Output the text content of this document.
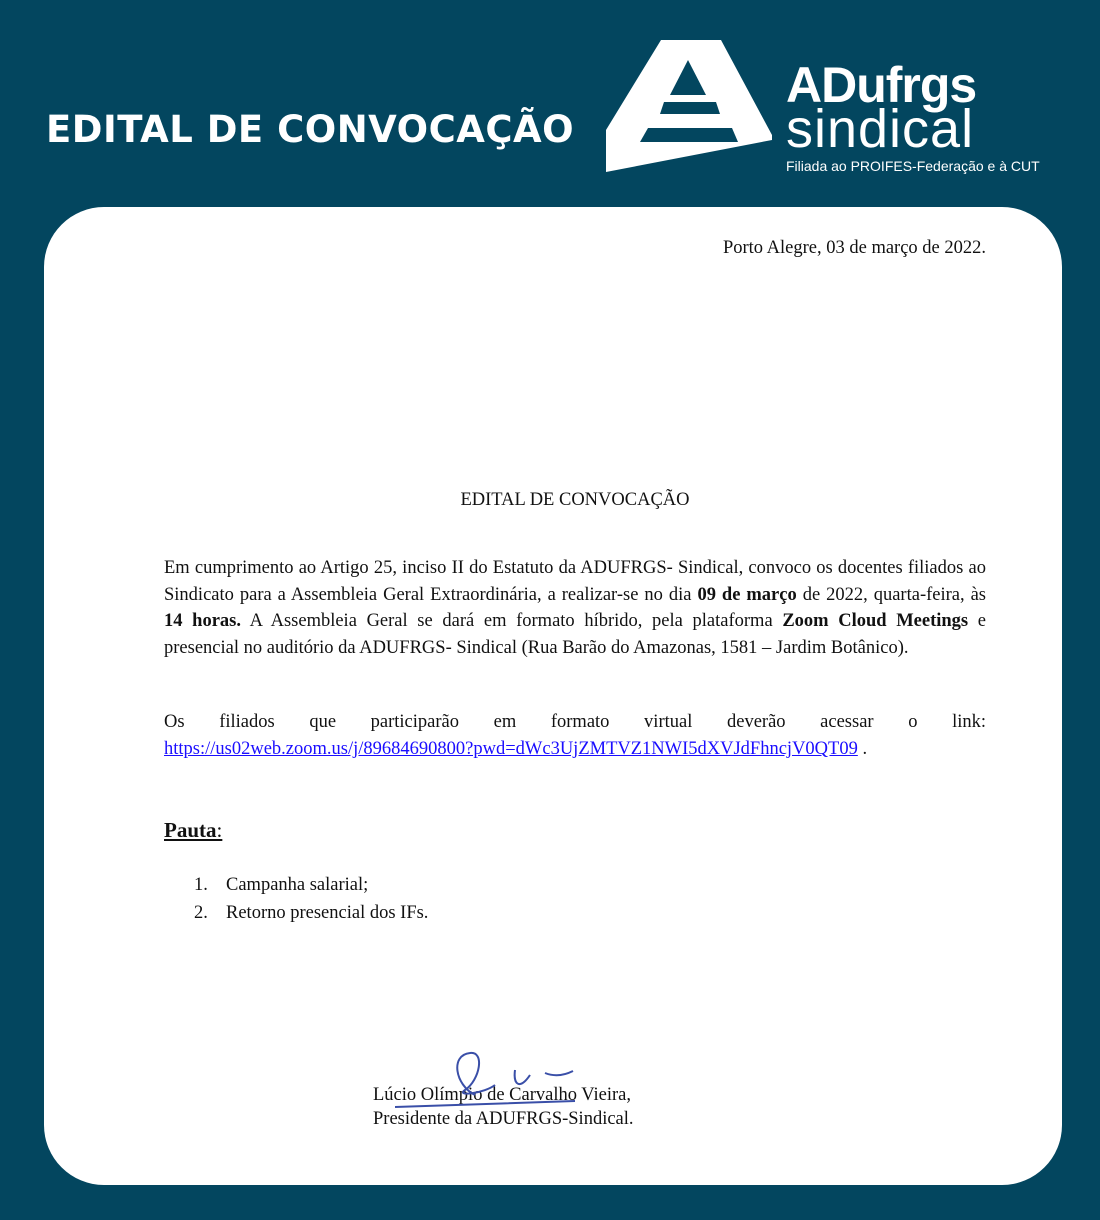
EDITAL DE CONVOCAÇÃO
ADufrgs
sindical
Filiada ao PROIFES-Federação e à CUT
Porto Alegre, 03 de março de 2022.
EDITAL DE CONVOCAÇÃO
Em cumprimento ao Artigo 25, inciso II do Estatuto da ADUFRGS- Sindical, convoco os docentes filiados ao Sindicato para a Assembleia Geral Extraordinária, a realizar-se no dia 09 de março de 2022, quarta-feira, às 14 horas. A Assembleia Geral se dará em formato híbrido, pela plataforma Zoom Cloud Meetings e presencial no auditório da ADUFRGS- Sindical (Rua Barão do Amazonas, 1581 – Jardim Botânico).
Os filiados que participarão em formato virtual deverão acessar o link:
https://us02web.zoom.us/j/89684690800?pwd=dWc3UjZMTVZ1NWI5dXVJdFhncjV0QT09 .
Pauta:
1. Campanha salarial;
2. Retorno presencial dos IFs.
Lúcio Olímpio de Carvalho Vieira,
Presidente da ADUFRGS-Sindical.
